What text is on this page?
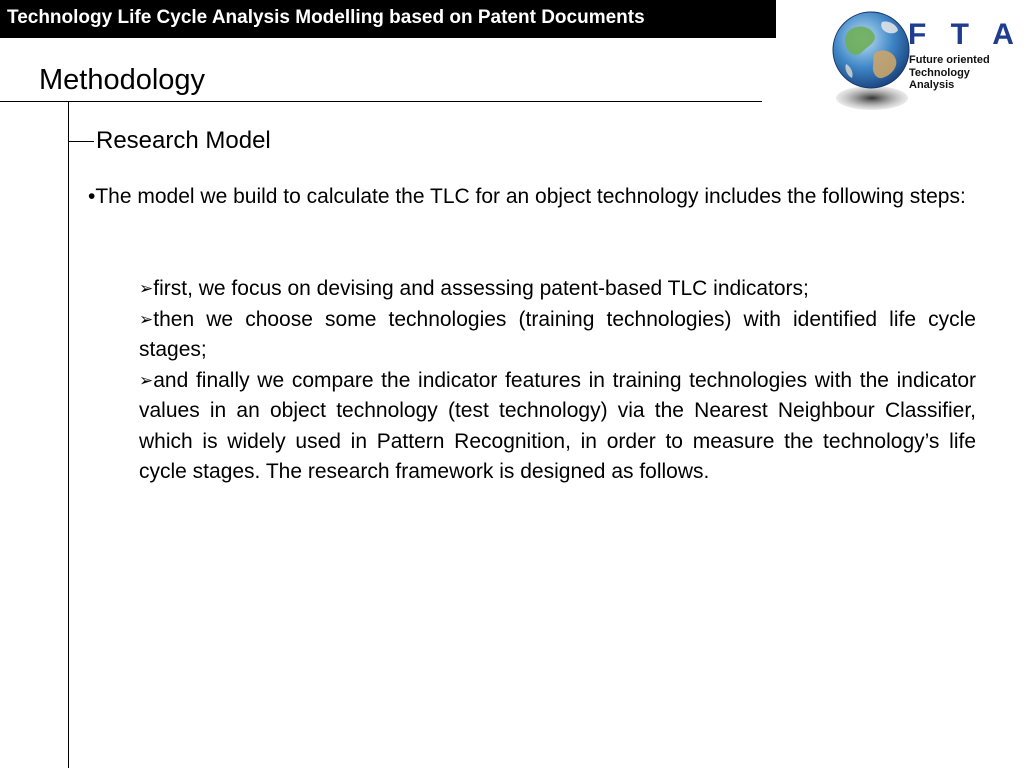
Technology Life Cycle Analysis Modelling based on Patent Documents
Methodology
Research Model
•The model we build to calculate the TLC for an object technology includes the following steps:
➢first, we focus on devising and assessing patent-based TLC indicators;
➢then we choose some technologies (training technologies) with identified life cycle stages;
➢and finally we compare the indicator features in training technologies with the indicator values in an object technology (test technology) via the Nearest Neighbour Classifier, which is widely used in Pattern Recognition, in order to measure the technology’s life cycle stages. The research framework is designed as follows.
F T A
Future oriented
Technology
Analysis
